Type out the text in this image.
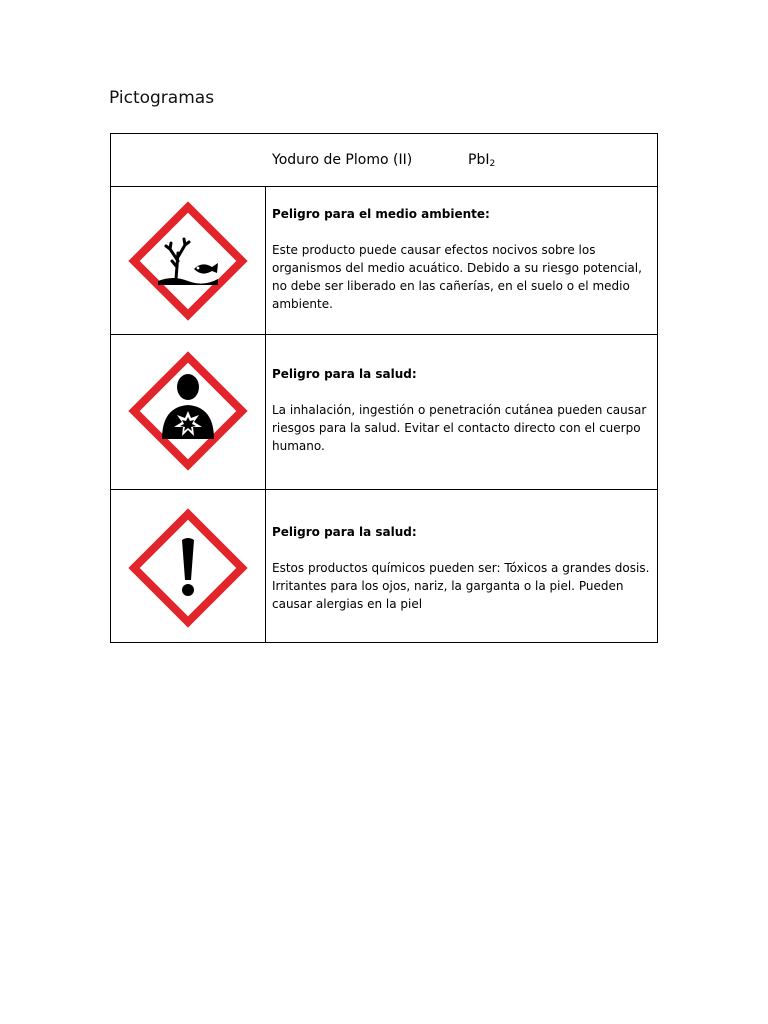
Pictogramas
Yoduro de Plomo (II)	PbI2

Peligro para el medio ambiente:

Este producto puede causar efectos nocivos sobre los organismos del medio acuático. Debido a su riesgo potencial, no debe ser liberado en las cañerías, en el suelo o el medio ambiente.

Peligro para la salud:

La inhalación, ingestión o penetración cutánea pueden causar riesgos para la salud. Evitar el contacto directo con el cuerpo humano.

Peligro para la salud:

Estos productos químicos pueden ser: Tóxicos a grandes dosis. Irritantes para los ojos, nariz, la garganta o la piel. Pueden causar alergias en la piel
